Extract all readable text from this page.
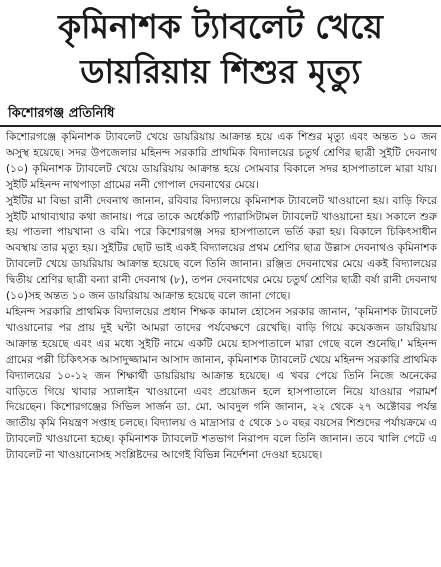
কৃমিনাশক ট্যাবলেট খেয়ে
ডায়রিয়ায় শিশুর মৃত্যু
কিশোরগঞ্জ প্রতিনিধি

কিশোরগঞ্জে কৃমিনাশক ট্যাবলেট খেয়ে ডায়রিয়ায় আক্রান্ত হয়ে এক শিশুর মৃত্যু এবং অন্তত ১০ জন অসুস্থ হয়েছে। সদর উপজেলার মহিনন্দ সরকারি প্রাথমিক বিদ্যালয়ের চতুর্থ শ্রেণির ছাত্রী সুইটি দেবনাথ (১০) কৃমিনাশক ট্যাবলেট খেয়ে ডায়রিয়ায় আক্রান্ত হয়ে সোমবার বিকালে সদর হাসপাতালে মারা যায়। সুইটি মহিনন্দ নাথপাড়া গ্রামের ননী গোপাল দেবনাথের মেয়ে।

সুইটির মা বিভা রানী দেবনাথ জানান, রবিবার বিদ্যালয়ে কৃমিনাশক ট্যাবলেট খাওয়ানো হয়। বাড়ি ফিরে সুইটি মাথাব্যথার কথা জানায়। পরে তাকে অর্ধেকটি প্যারাসিটামল ট্যাবলেট খাওয়ানো হয়। সকালে শুরু হয় পাতলা পায়খানা ও বমি। পরে কিশোরগঞ্জ সদর হাসপাতালে ভর্তি করা হয়। বিকালে চিকিৎসাধীন অবস্থায় তার মৃত্যু হয়। সুইটির ছোট ভাই একই বিদ্যালয়ের প্রথম শ্রেণির ছাত্র উল্লাস দেবনাথও কৃমিনাশক ট্যাবলেট খেয়ে ডায়রিয়ায় আক্রান্ত হয়েছে বলে তিনি জানান। রঞ্জিত দেবনাথের মেয়ে একই বিদ্যালয়ের দ্বিতীয় শ্রেণির ছাত্রী বন্যা রানী দেবনাথ (৮), তপন দেবনাথের মেয়ে চতুর্থ শ্রেণির ছাত্রী বর্ষা রানী দেবনাথ (১০)সহ অন্তত ১০ জন ডায়রিয়ায় আক্রান্ত হয়েছে বলে জানা গেছে।

মহিনন্দ সরকারি প্রাথমিক বিদ্যালয়ের প্রধান শিক্ষক কামাল হোসেন সরকার জানান, ‘কৃমিনাশক ট্যাবলেট খাওয়ানোর পর প্রায় দুই ঘন্টা আমরা তাদের পর্যবেক্ষণে রেখেছি। বাড়ি গিয়ে কয়েকজন ডায়রিয়ায় আক্রান্ত হয়েছে এবং এর মধ্যে সুইটি নামে একটি মেয়ে হাসপাতালে মারা গেছে বলে শুনেছি।’ মহিনন্দ গ্রামের পল্লী চিকিৎসক আসাদুজ্জামান আসাদ জানান, কৃমিনাশক ট্যাবলেট খেয়ে মহিনন্দ সরকারি প্রাথমিক বিদ্যালয়ের ১০-১২ জন শিক্ষার্থী ডায়রিয়ায় আক্রান্ত হয়েছে। এ খবর পেয়ে তিনি নিজে অনেকের বাড়িতে গিয়ে খাবার স্যালাইন খাওয়ানো এবং প্রয়োজন হলে হাসপাতালে নিয়ে যাওয়ার পরামর্শ দিয়েছেন। কিশোরগঞ্জের সিভিল সার্জন ডা. মো. আবদুল গনি জানান, ২২ থেকে ২৭ অক্টোবর পর্যন্ত জাতীয় কৃমি নিয়ন্ত্রণ সপ্তাহ চলছে। বিদ্যালয় ও মাদ্রাসার ৫ থেকে ১০ বছর বয়সের শিশুদের পর্যায়ক্রমে এ ট্যাবলেট খাওয়ানো হচ্ছে। কৃমিনাশক ট্যাবলেট শতভাগ নিরাপদ বলে তিনি জানান। তবে খালি পেটে এ ট্যাবলেট না খাওয়ানোসহ সংশ্লিষ্টদের আগেই বিভিন্ন নির্দেশনা দেওয়া হয়েছে।
